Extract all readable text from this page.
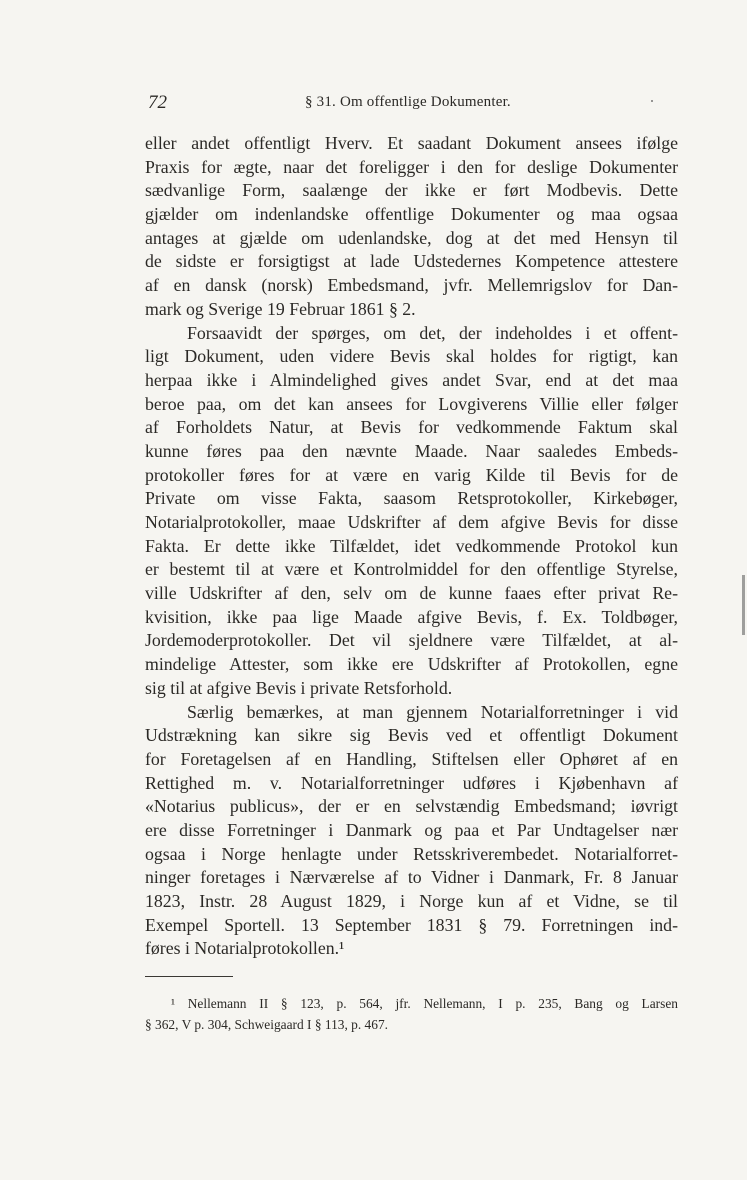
72	§ 31. Om offentlige Dokumenter.
eller andet offentligt Hverv. Et saadant Dokument ansees ifølge
Praxis for ægte, naar det foreligger i den for deslige Dokumenter
sædvanlige Form, saalænge der ikke er ført Modbevis. Dette
gjælder om indenlandske offentlige Dokumenter og maa ogsaa
antages at gjælde om udenlandske, dog at det med Hensyn til
de sidste er forsigtigst at lade Udstedernes Kompetence attestere
af en dansk (norsk) Embedsmand, jvfr. Mellemrigslov for Dan-
mark og Sverige 19 Februar 1861 § 2.
Forsaavidt der spørges, om det, der indeholdes i et offent-
ligt Dokument, uden videre Bevis skal holdes for rigtigt, kan
herpaa ikke i Almindelighed gives andet Svar, end at det maa
beroe paa, om det kan ansees for Lovgiverens Villie eller følger
af Forholdets Natur, at Bevis for vedkommende Faktum skal
kunne føres paa den nævnte Maade. Naar saaledes Embeds-
protokoller føres for at være en varig Kilde til Bevis for de
Private om visse Fakta, saasom Retsprotokoller, Kirkebøger,
Notarialprotokoller, maae Udskrifter af dem afgive Bevis for disse
Fakta. Er dette ikke Tilfældet, idet vedkommende Protokol kun
er bestemt til at være et Kontrolmiddel for den offentlige Styrelse,
ville Udskrifter af den, selv om de kunne faaes efter privat Re-
kvisition, ikke paa lige Maade afgive Bevis, f. Ex. Toldbøger,
Jordemoderprotokoller. Det vil sjeldnere være Tilfældet, at al-
mindelige Attester, som ikke ere Udskrifter af Protokollen, egne
sig til at afgive Bevis i private Retsforhold.
Særlig bemærkes, at man gjennem Notarialforretninger i vid
Udstrækning kan sikre sig Bevis ved et offentligt Dokument
for Foretagelsen af en Handling, Stiftelsen eller Ophøret af en
Rettighed m. v. Notarialforretninger udføres i Kjøbenhavn af
«Notarius publicus», der er en selvstændig Embedsmand; iøvrigt
ere disse Forretninger i Danmark og paa et Par Undtagelser nær
ogsaa i Norge henlagte under Retsskriverembedet. Notarialforret-
ninger foretages i Nærværelse af to Vidner i Danmark, Fr. 8 Januar
1823, Instr. 28 August 1829, i Norge kun af et Vidne, se til
Exempel Sportell. 13 September 1831 § 79. Forretningen ind-
føres i Notarialprotokollen.¹
¹ Nellemann II § 123, p. 564, jfr. Nellemann, I p. 235, Bang og Larsen
§ 362, V p. 304, Schweigaard I § 113, p. 467.
